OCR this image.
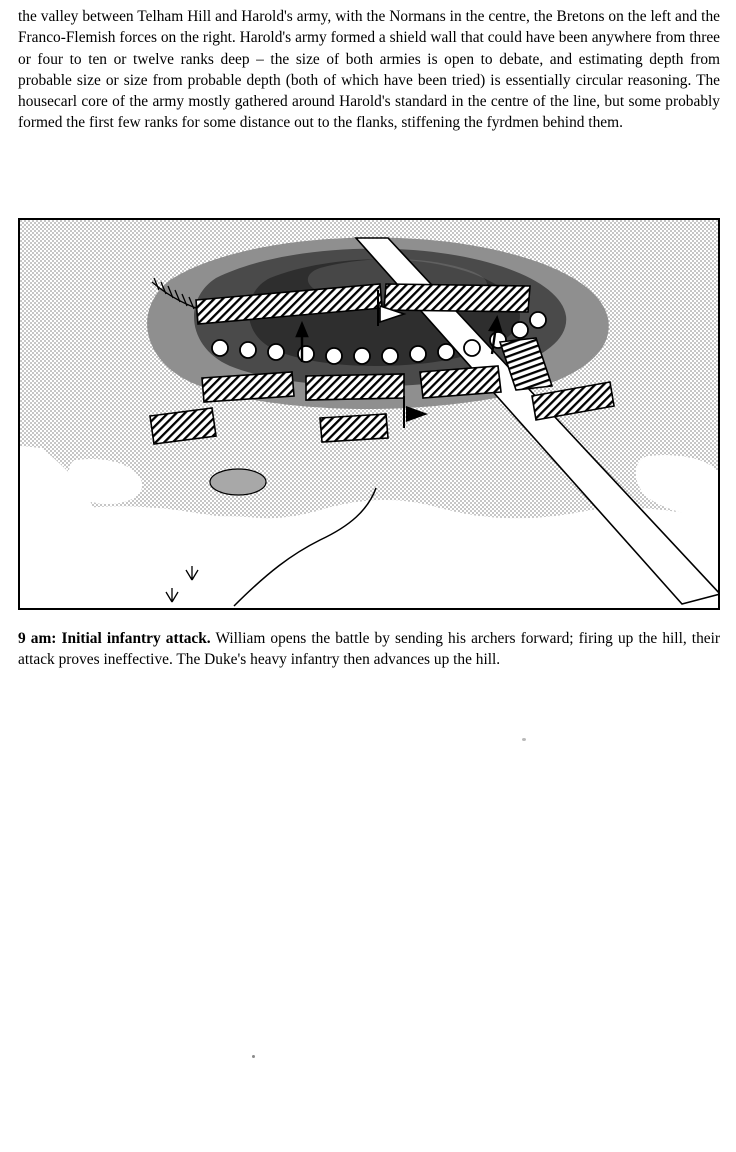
the valley between Telham Hill and Harold's army, with the Normans in the centre, the Bretons on the left and the Franco-Flemish forces on the right. Harold's army formed a shield wall that could have been anywhere from three or four to ten or twelve ranks deep – the size of both armies is open to debate, and estimating depth from probable size or size from probable depth (both of which have been tried) is essentially circular reasoning. The housecarl core of the army mostly gathered around Harold's standard in the centre of the line, but some probably formed the first few ranks for some distance out to the flanks, stiffening the fyrdmen behind them.
9 am: Initial infantry attack. William opens the battle by sending his archers forward; firing up the hill, their attack proves ineffective. The Duke's heavy infantry then advances up the hill.
